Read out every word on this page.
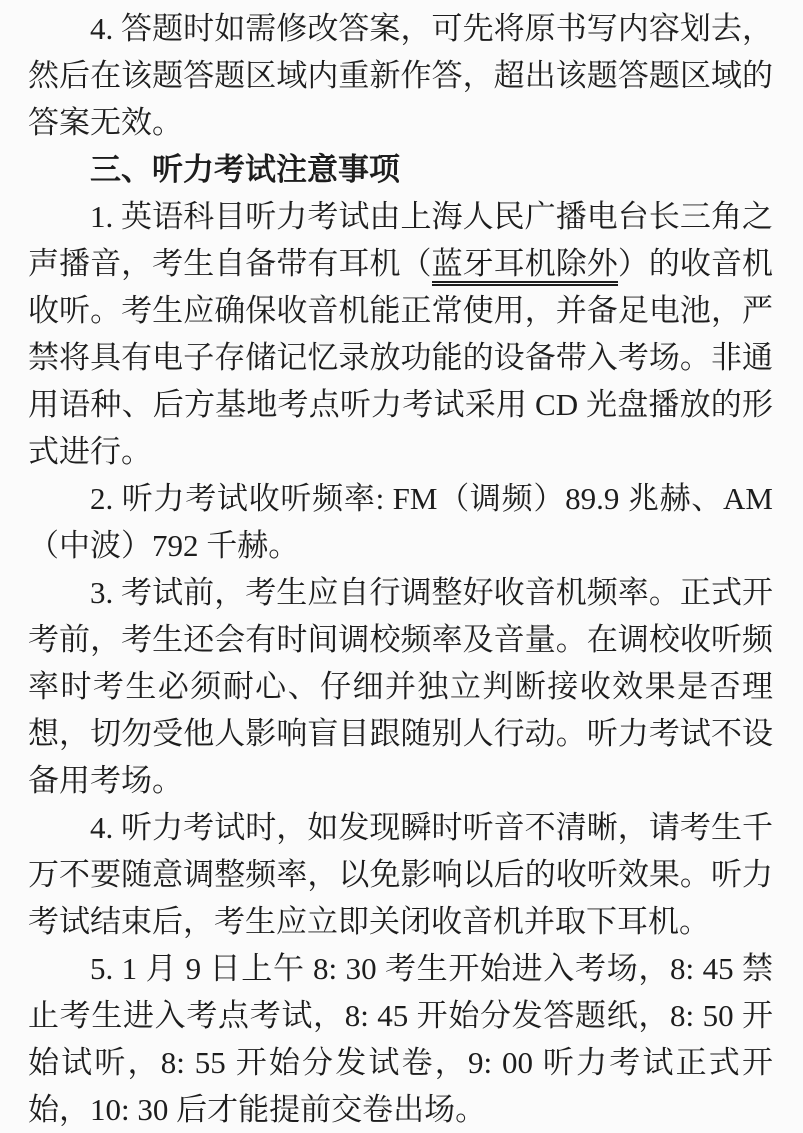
4. 答题时如需修改答案，可先将原书写内容划去，然后在该题答题区域内重新作答，超出该题答题区域的答案无效。

三、听力考试注意事项

1. 英语科目听力考试由上海人民广播电台长三角之声播音，考生自备带有耳机（蓝牙耳机除外）的收音机收听。考生应确保收音机能正常使用，并备足电池，严禁将具有电子存储记忆录放功能的设备带入考场。非通用语种、后方基地考点听力考试采用 CD 光盘播放的形式进行。

2. 听力考试收听频率: FM（调频）89.9 兆赫、AM（中波）792 千赫。

3. 考试前，考生应自行调整好收音机频率。正式开考前，考生还会有时间调校频率及音量。在调校收听频率时考生必须耐心、仔细并独立判断接收效果是否理想，切勿受他人影响盲目跟随别人行动。听力考试不设备用考场。

4. 听力考试时，如发现瞬时听音不清晰，请考生千万不要随意调整频率，以免影响以后的收听效果。听力考试结束后，考生应立即关闭收音机并取下耳机。

5. 1 月 9 日上午 8: 30 考生开始进入考场，8: 45 禁止考生进入考点考试，8: 45 开始分发答题纸，8: 50 开始试听，8: 55 开始分发试卷，9: 00 听力考试正式开始，10: 30 后才能提前交卷出场。
